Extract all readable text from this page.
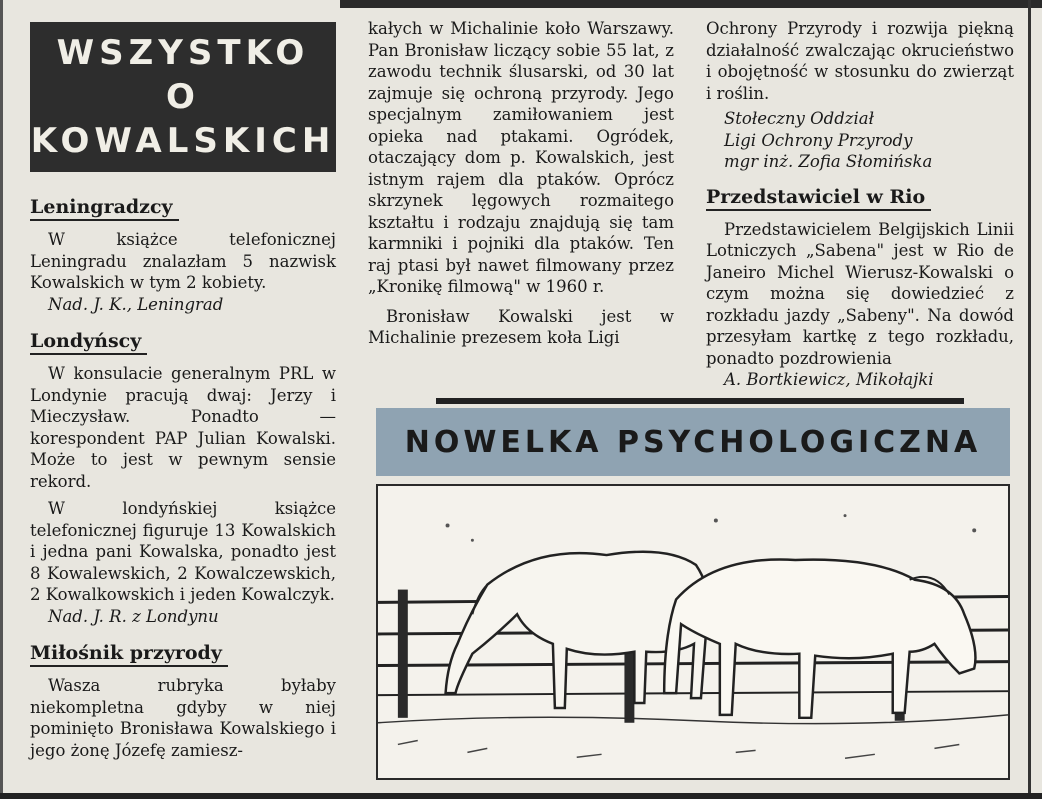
WSZYSTKO
O
KOWALSKICH
Leningradzcy

W książce telefonicznej Leningradu znalazłam 5 nazwisk Kowalskich w tym 2 kobiety.

Nad. J. K., Leningrad

Londyńscy

W konsulacie generalnym PRL w Londynie pracują dwaj: Jerzy i Mieczysław. Ponadto — korespondent PAP Julian Kowalski. Może to jest w pewnym sensie rekord.

W londyńskiej książce telefonicznej figuruje 13 Kowalskich i jedna pani Kowalska, ponadto jest 8 Kowalewskich, 2 Kowalczewskich, 2 Kowalkowskich i jeden Kowalczyk.

Nad. J. R. z Londynu

Miłośnik przyrody

Wasza rubryka byłaby niekompletna gdyby w niej pominięto Bronisława Kowalskiego i jego żonę Józefę zamiesz-

kałych w Michalinie koło Warszawy. Pan Bronisław liczący sobie 55 lat, z zawodu technik ślusarski, od 30 lat zajmuje się ochroną przyrody. Jego specjalnym zamiłowaniem jest opieka nad ptakami. Ogródek, otaczający dom p. Kowalskich, jest istnym rajem dla ptaków. Oprócz skrzynek lęgowych rozmaitego kształtu i rodzaju znajdują się tam karmniki i pojniki dla ptaków. Ten raj ptasi był nawet filmowany przez „Kronikę filmową" w 1960 r.

Bronisław Kowalski jest w Michalinie prezesem koła Ligi

Ochrony Przyrody i rozwija piękną działalność zwalczając okrucieństwo i obojętność w stosunku do zwierząt i roślin.

Stołeczny Oddział

Ligi Ochrony Przyrody

mgr inż. Zofia Słomińska

Przedstawiciel w Rio

Przedstawicielem Belgijskich Linii Lotniczych „Sabena" jest w Rio de Janeiro Michel Wierusz-Kowalski o czym można się dowiedzieć z rozkładu jazdy „Sabeny". Na dowód przesyłam kartkę z tego rozkładu, ponadto pozdrowienia

A. Bortkiewicz, Mikołajki

NOWELKA PSYCHOLOGICZNA
